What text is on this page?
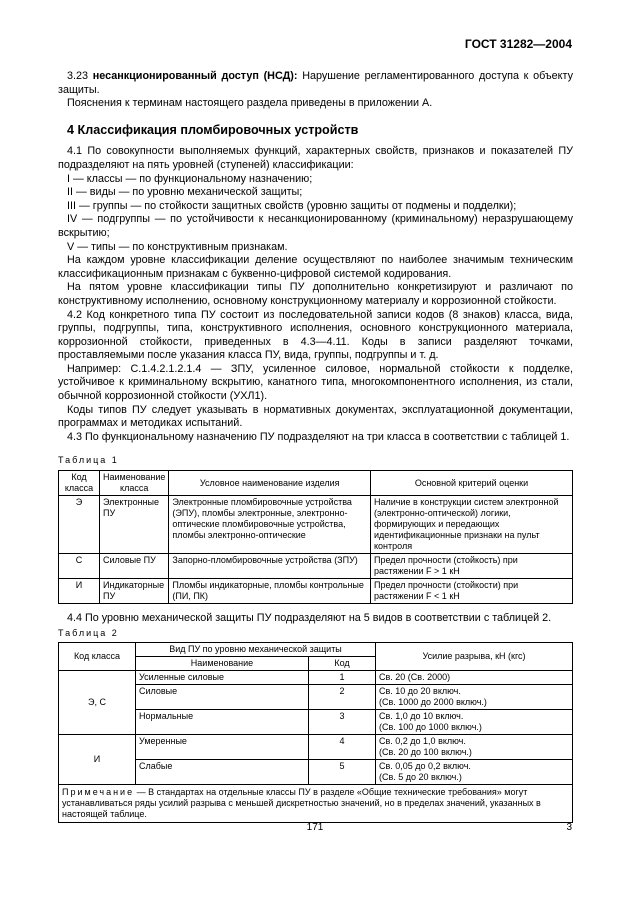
ГОСТ 31282—2004

3.23 несанкционированный доступ (НСД): Нарушение регламентированного доступа к объекту защиты.

Пояснения к терминам настоящего раздела приведены в приложении А.

4 Классификация пломбировочных устройств

4.1 По совокупности выполняемых функций, характерных свойств, признаков и показателей ПУ подразделяют на пять уровней (ступеней) классификации:

I — классы — по функциональному назначению;

II — виды — по уровню механической защиты;

III — группы — по стойкости защитных свойств (уровню защиты от подмены и подделки);

IV — подгруппы — по устойчивости к несанкционированному (криминальному) неразрушающему вскрытию;

V — типы — по конструктивным признакам.

На каждом уровне классификации деление осуществляют по наиболее значимым техническим классификационным признакам с буквенно-цифровой системой кодирования.

На пятом уровне классификации типы ПУ дополнительно конкретизируют и различают по конструктивному исполнению, основному конструкционному материалу и коррозионной стойкости.

4.2 Код конкретного типа ПУ состоит из последовательной записи кодов (8 знаков) класса, вида, группы, подгруппы, типа, конструктивного исполнения, основного конструкционного материала, коррозионной стойкости, приведенных в 4.3—4.11. Коды в записи разделяют точками, проставляемыми после указания класса ПУ, вида, группы, подгруппы и т. д.

Например: С.1.4.2.1.2.1.4 — ЗПУ, усиленное силовое, нормальной стойкости к подделке, устойчивое к криминальному вскрытию, канатного типа, многокомпонентного исполнения, из стали, обычной коррозионной стойкости (УХЛ1).

Коды типов ПУ следует указывать в нормативных документах, эксплуатационной документации, программах и методиках испытаний.

4.3 По функциональному назначению ПУ подразделяют на три класса в соответствии с таблицей 1.

Таблица 1
Код класса	Наименование класса	Условное наименование изделия	Основной критерий оценки
Э	Электронные ПУ	Электронные пломбировочные устройства (ЭПУ), пломбы электронные, электронно-оптические пломбировочные устройства, пломбы электронно-оптические	Наличие в конструкции систем электронной (электронно-оптической) логики, формирующих и передающих идентификационные признаки на пульт контроля
С	Силовые ПУ	Запорно-пломбировочные устройства (ЗПУ)	Предел прочности (стойкость) при растяжении F > 1 кН
И	Индикаторные ПУ	Пломбы индикаторные, пломбы контрольные (ПИ, ПК)	Предел прочности (стойкости) при растяжении F < 1 кН

4.4 По уровню механической защиты ПУ подразделяют на 5 видов в соответствии с таблицей 2.

Таблица 2
Код класса	Вид ПУ по уровню механической защиты		Усилие разрыва, кН (кгс)
	Наименование	Код	
Э, С	Усиленные силовые	1	Св. 20 (Св. 2000)
	Силовые	2	Св. 10 до 20 включ.
(Св. 1000 до 2000 включ.)

	Нормальные	3	Св. 1,0 до 10 включ.
(Св. 100 до 1000 включ.)

И	Умеренные	4	Св. 0,2 до 1,0 включ.
(Св. 20 до 100 включ.)

	Слабые	5	Св. 0,05 до 0,2 включ.
(Св. 5 до 20 включ.)

Примечание — В стандартах на отдельные классы ПУ в разделе «Общие технические требования» могут устанавливаться ряды усилий разрыва с меньшей дискретностью значений, но в пределах значений, указанных в настоящей таблице.			
171	3
